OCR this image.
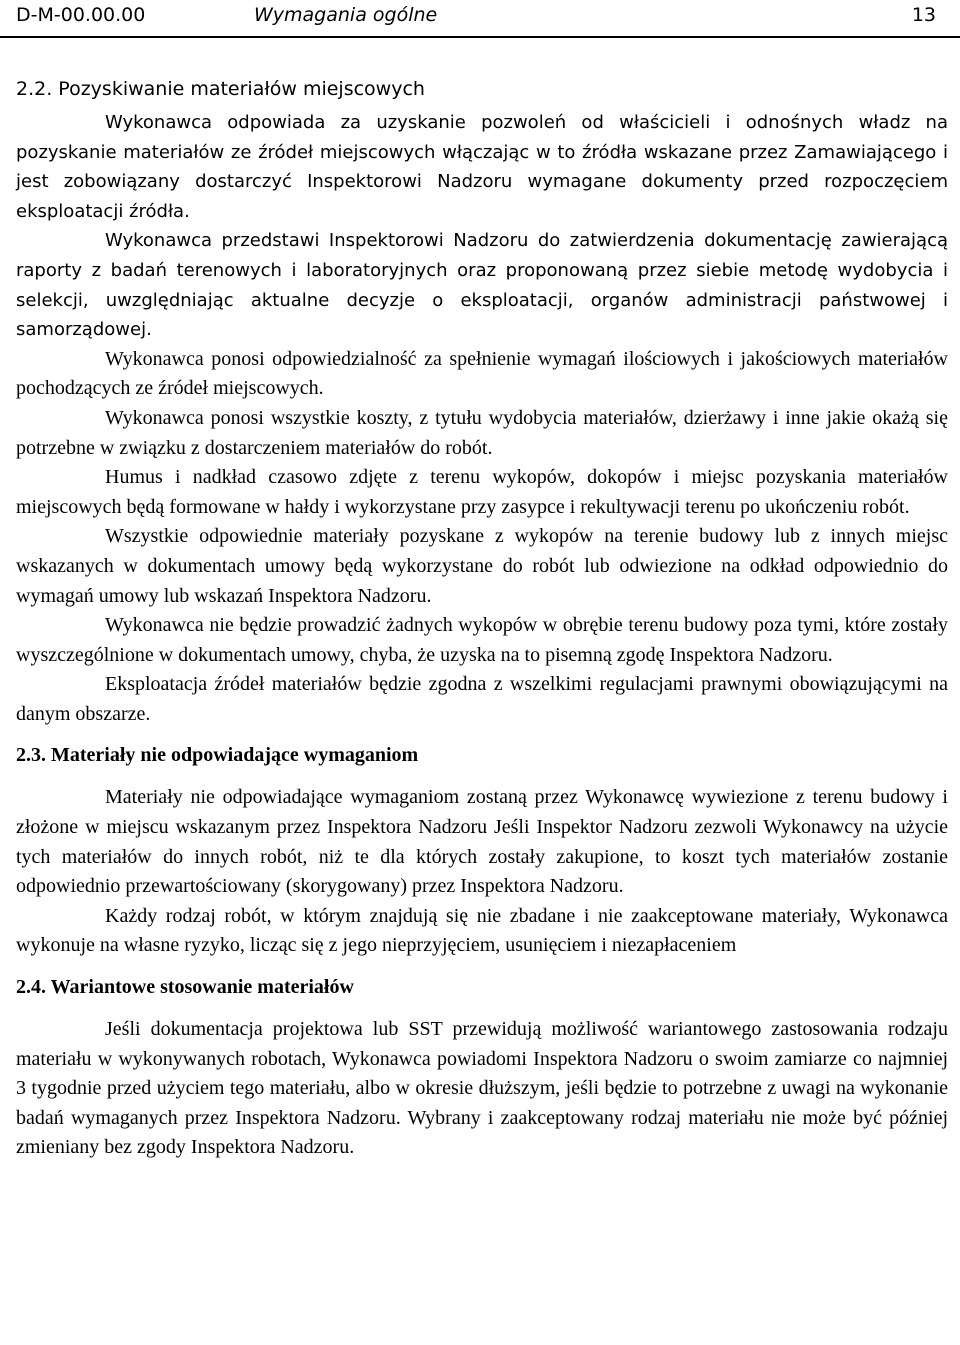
D-M-00.00.00	Wymagania ogólne	13
2.2. Pozyskiwanie materiałów miejscowych

Wykonawca odpowiada za uzyskanie pozwoleń od właścicieli i odnośnych władz na pozyskanie materiałów ze źródeł miejscowych włączając w to źródła wskazane przez Zamawiającego i jest zobowiązany dostarczyć Inspektorowi Nadzoru wymagane dokumenty przed rozpoczęciem eksploatacji źródła.

Wykonawca przedstawi Inspektorowi Nadzoru do zatwierdzenia dokumentację zawierającą raporty z badań terenowych i laboratoryjnych oraz proponowaną przez siebie metodę wydobycia i selekcji, uwzględniając aktualne decyzje o eksploatacji, organów administracji państwowej i samorządowej.

Wykonawca ponosi odpowiedzialność za spełnienie wymagań ilościowych i jakościowych materiałów pochodzących ze źródeł miejscowych.

Wykonawca ponosi wszystkie koszty, z tytułu wydobycia materiałów, dzierżawy i inne jakie okażą się potrzebne w związku z dostarczeniem materiałów do robót.

Humus i nadkład czasowo zdjęte z terenu wykopów, dokopów i miejsc pozyskania materiałów miejscowych będą formowane w hałdy i wykorzystane przy zasypce i rekultywacji terenu po ukończeniu robót.

Wszystkie odpowiednie materiały pozyskane z wykopów na terenie budowy lub z innych miejsc wskazanych w dokumentach umowy będą wykorzystane do robót lub odwiezione na odkład odpowiednio do wymagań umowy lub wskazań Inspektora Nadzoru.

Wykonawca nie będzie prowadzić żadnych wykopów w obrębie terenu budowy poza tymi, które zostały wyszczególnione w dokumentach umowy, chyba, że uzyska na to pisemną zgodę Inspektora Nadzoru.

Eksploatacja źródeł materiałów będzie zgodna z wszelkimi regulacjami prawnymi obowiązującymi na danym obszarze.

2.3. Materiały nie odpowiadające wymaganiom

Materiały nie odpowiadające wymaganiom zostaną przez Wykonawcę wywiezione z terenu budowy i złożone w miejscu wskazanym przez Inspektora Nadzoru Jeśli Inspektor Nadzoru zezwoli Wykonawcy na użycie tych materiałów do innych robót, niż te dla których zostały zakupione, to koszt tych materiałów zostanie odpowiednio przewartościowany (skorygowany) przez Inspektora Nadzoru.

Każdy rodzaj robót, w którym znajdują się nie zbadane i nie zaakceptowane materiały, Wykonawca wykonuje na własne ryzyko, licząc się z jego nieprzyjęciem, usunięciem i niezapłaceniem

2.4. Wariantowe stosowanie materiałów

Jeśli dokumentacja projektowa lub SST przewidują możliwość wariantowego zastosowania rodzaju materiału w wykonywanych robotach, Wykonawca powiadomi Inspektora Nadzoru o swoim zamiarze co najmniej 3 tygodnie przed użyciem tego materiału, albo w okresie dłuższym, jeśli będzie to potrzebne z uwagi na wykonanie badań wymaganych przez Inspektora Nadzoru. Wybrany i zaakceptowany rodzaj materiału nie może być później zmieniany bez zgody Inspektora Nadzoru.
